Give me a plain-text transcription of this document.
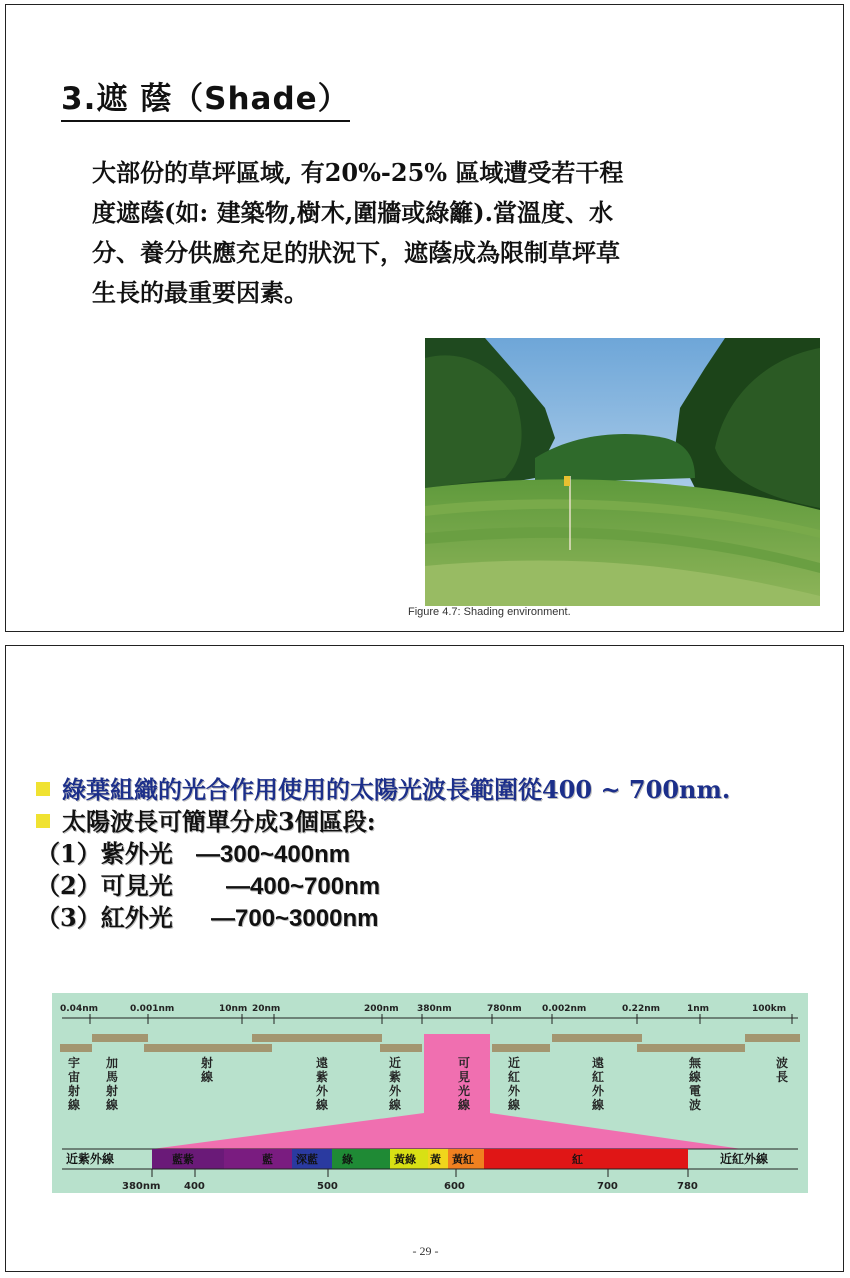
3.遮 蔭（Shade）
大部份的草坪區域, 有20%-25% 區域遭受若干程
度遮蔭(如: 建築物,樹木,圍牆或綠籬).當溫度、水
分、養分供應充足的狀況下，遮蔭成為限制草坪草
生長的最重要因素。
Figure 4.7: Shading environment.
綠葉組織的光合作用使用的太陽光波長範圍從400 ~ 700nm.
太陽波長可簡單分成3個區段:
（1）紫外光 —300~400nm
（2）可見光 —400~700nm
（3）紅外光 —700~3000nm
0.04nm	0.001nm	10nm 20nm	200nm 380nm	780nm 0.002nm	0.22nm	1nm	100km
宇
宙
射
線
加
馬
射
線
射
線
遠
紫
外
線
近
紫
外
線
可
見
光
線
近
紅
外
線
遠
紅
外
線
無
線
電
波
波
長
近紫外線	近紅外線
藍紫	藍 深藍 綠	黃綠 黃 黃紅	紅
380nm 400	500	600	700	780
- 29 -
